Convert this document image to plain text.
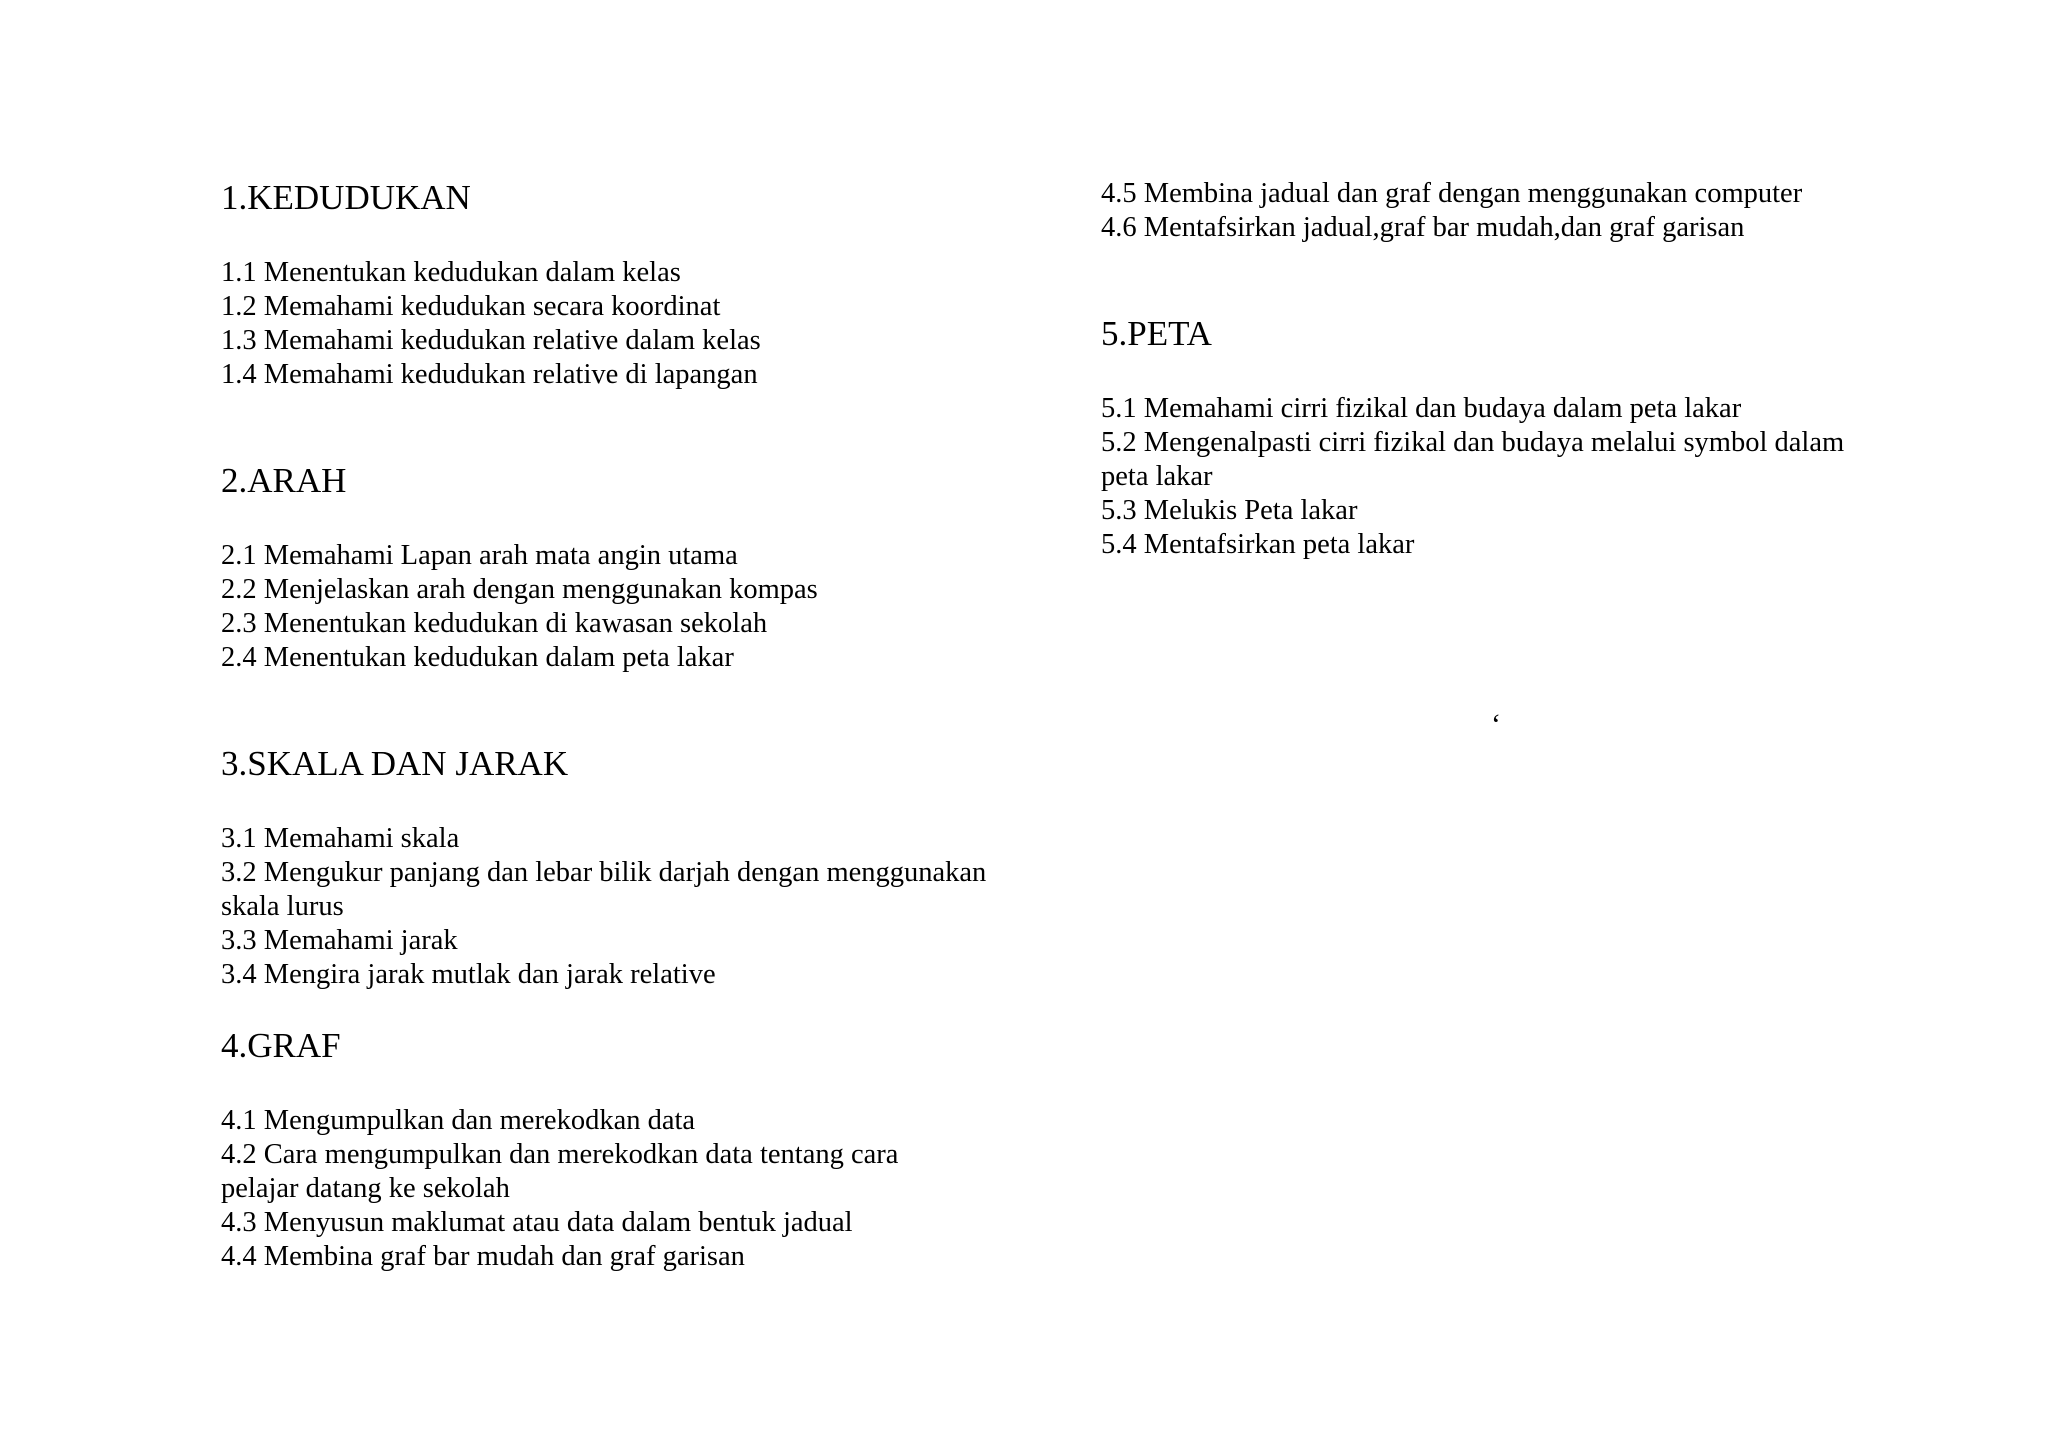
1.KEDUDUKAN
1.1 Menentukan kedudukan dalam kelas
1.2 Memahami kedudukan secara koordinat
1.3 Memahami kedudukan relative dalam kelas
1.4 Memahami kedudukan relative di lapangan
2.ARAH
2.1 Memahami Lapan arah mata angin utama
2.2 Menjelaskan arah dengan menggunakan kompas
2.3 Menentukan kedudukan di kawasan sekolah
2.4 Menentukan kedudukan dalam peta lakar
3.SKALA DAN JARAK
3.1 Memahami skala
3.2 Mengukur panjang dan lebar bilik darjah dengan menggunakan
skala lurus
3.3 Memahami jarak
3.4 Mengira jarak mutlak dan jarak relative
4.GRAF
4.1 Mengumpulkan dan merekodkan data
4.2 Cara mengumpulkan dan merekodkan data tentang cara
pelajar datang ke sekolah
4.3 Menyusun maklumat atau data dalam bentuk jadual
4.4 Membina graf bar mudah dan graf garisan
4.5 Membina jadual dan graf dengan menggunakan computer
4.6 Mentafsirkan jadual,graf bar mudah,dan graf garisan
5.PETA
5.1 Memahami cirri fizikal dan budaya dalam peta lakar
5.2 Mengenalpasti cirri fizikal dan budaya melalui symbol dalam
peta lakar
5.3 Melukis Peta lakar
5.4 Mentafsirkan peta lakar
‘
